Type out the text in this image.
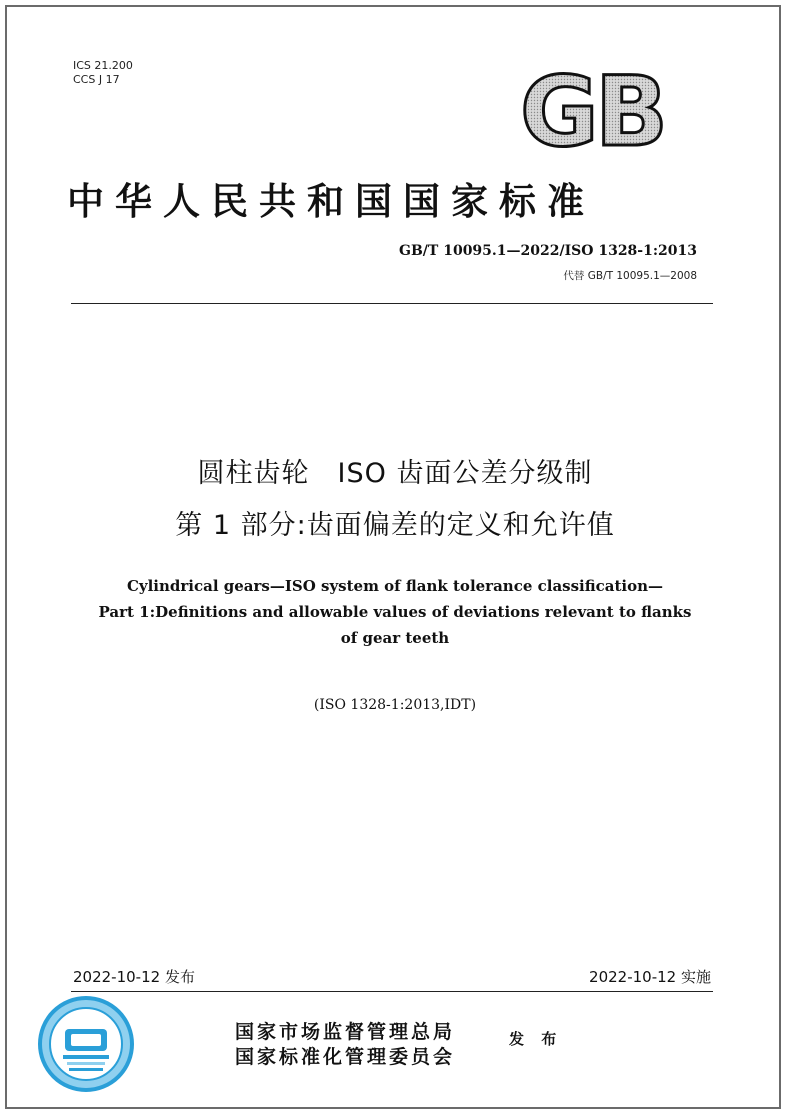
ICS 21.200
CCS J 17	GB
中华人民共和国国家标准
GB/T 10095.1—2022/ISO 1328-1:2013
代替 GB/T 10095.1—2008
圆柱齿轮　ISO 齿面公差分级制
第 1 部分:齿面偏差的定义和允许值
Cylindrical gears—ISO system of flank tolerance classification—
Part 1:Definitions and allowable values of deviations relevant to flanks
of gear teeth
(ISO 1328-1:2013,IDT)
2022-10-12 发布	2022-10-12 实施
国家市场监督管理总局
国家标准化管理委员会
发 布
